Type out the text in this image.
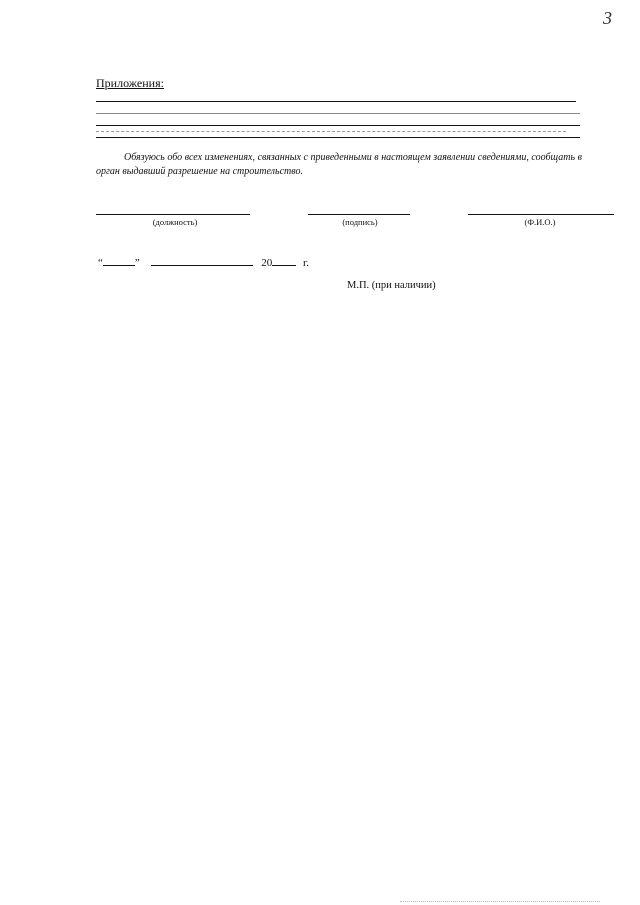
3
Приложения:
Обязуюсь обо всех изменениях, связанных с приведенными в настоящем заявлении сведениями, сообщать в орган выдавший разрешение на строительство.
(должность)	(подпись)	(Ф.И.О.)
“	”	20	г.
М.П. (при наличии)
